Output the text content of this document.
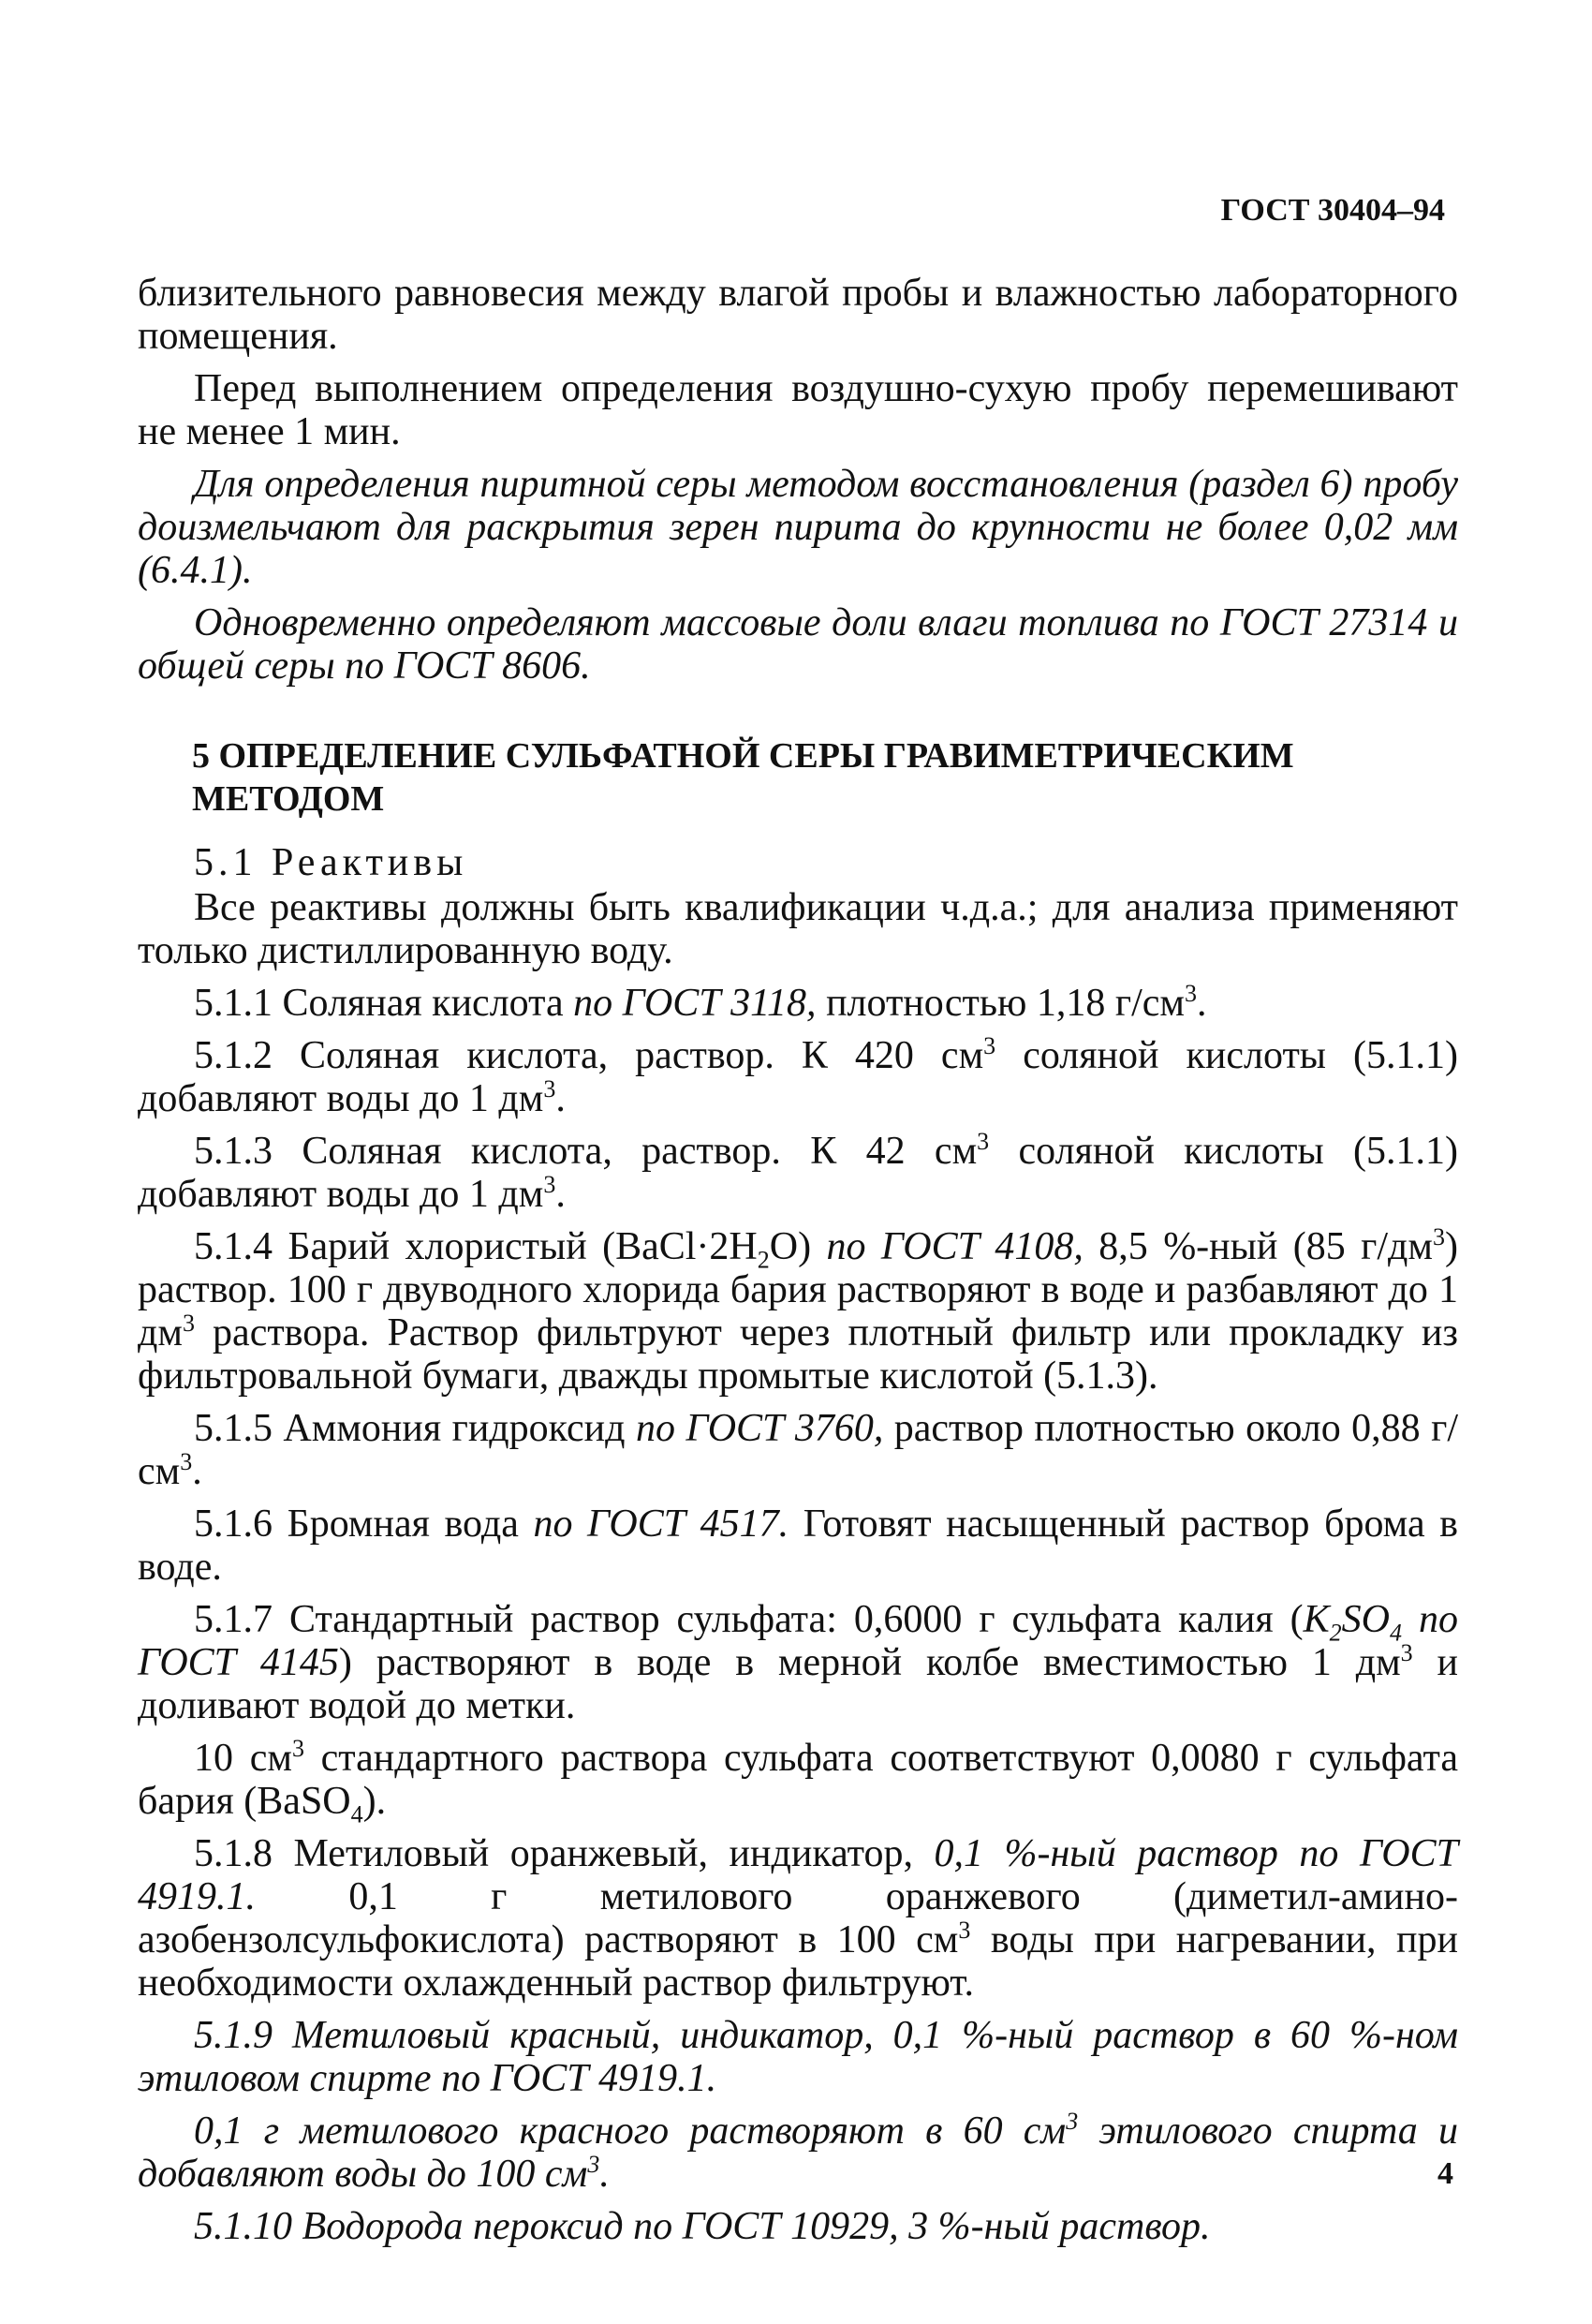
ГОСТ 30404–94

близительного равновесия между влагой пробы и влажностью лабораторного помещения.

Перед выполнением определения воздушно-сухую пробу перемешивают не менее 1 мин.

Для определения пиритной серы методом восстановления (раздел 6) пробу доизмельчают для раскрытия зерен пирита до крупности не более 0,02 мм (6.4.1).

Одновременно определяют массовые доли влаги топлива по ГОСТ 27314 и общей серы по ГОСТ 8606.

5 ОПРЕДЕЛЕНИЕ СУЛЬФАТНОЙ СЕРЫ ГРАВИМЕТРИЧЕСКИМ МЕТОДОМ
5.1 Реактивы

Все реактивы должны быть квалификации ч.д.а.; для анализа применяют только дистиллированную воду.

5.1.1 Соляная кислота по ГОСТ 3118, плотностью 1,18 $г/см^3$.

5.1.2 Соляная кислота, раствор. К 420 $см^3$ соляной кислоты (5.1.1) добавляют воды до 1 $дм^3$.

5.1.3 Соляная кислота, раствор. К 42 $см^3$ соляной кислоты (5.1.1) добавляют воды до 1 $дм^3$.

5.1.4 Барий хлористый $(BaCl\cdot 2H_2O)$ по ГОСТ 4108, 8,5 %-ный (85 $г/дм^3$) раствор. 100 г двуводного хлорида бария растворяют в воде и разбавляют до 1 $дм^3$ раствора. Раствор фильтруют через плотный фильтр или прокладку из фильтровальной бумаги, дважды промытые кислотой (5.1.3).

5.1.5 Аммония гидроксид по ГОСТ 3760, раствор плотностью около 0,88 $г/см^3$.

5.1.6 Бромная вода по ГОСТ 4517. Готовят насыщенный раствор брома в воде.

5.1.7 Стандартный раствор сульфата: 0,6000 г сульфата калия ($K_2SO_4$ по ГОСТ 4145) растворяют в воде в мерной колбе вместимостью 1 $дм^3$ и доливают водой до метки.

10 $см^3$ стандартного раствора сульфата соответствуют 0,0080 г сульфата бария (BaSO$_4$).

5.1.8 Метиловый оранжевый, индикатор, 0,1 %-ный раствор по ГОСТ 4919.1. 0,1 г метилового оранжевого (диметил-амино-азобензолсульфокислота) растворяют в 100 $см^3$ воды при нагревании, при необходимости охлажденный раствор фильтруют.

5.1.9 Метиловый красный, индикатор, 0,1 %-ный раствор в 60 %-ном этиловом спирте по ГОСТ 4919.1.

0,1 г метилового красного растворяют в 60 $см^3$ этилового спирта и добавляют воды до 100 $см^3$.

5.1.10 Водорода пероксид по ГОСТ 10929, 3 %-ный раствор.

4
